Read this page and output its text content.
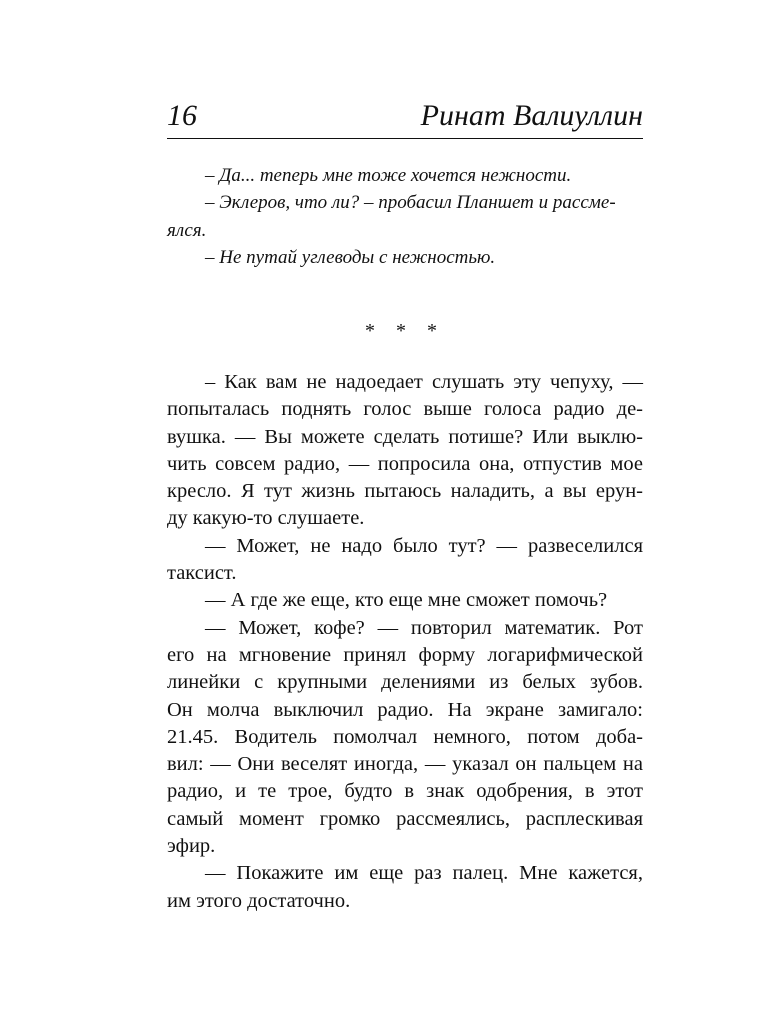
16	Ринат Валиуллин

– Да... теперь мне тоже хочется нежности.

– Эклеров, что ли? – пробасил Планшет и рассме-

ялся.

– Не путай углеводы с нежностью.

* * *
– Как вам не надоедает слушать эту чепуху, —
попыталась поднять голос выше голоса радио де-
вушка. — Вы можете сделать потише? Или выклю-
чить совсем радио, — попросила она, отпустив мое
кресло. Я тут жизнь пытаюсь наладить, а вы ерун-
ду какую-то слушаете.
— Может, не надо было тут? — развеселился
таксист.
— А где же еще, кто еще мне сможет помочь?
— Может, кофе? — повторил математик. Рот
его на мгновение принял форму логарифмической
линейки с крупными делениями из белых зубов.
Он молча выключил радио. На экране замигало:
21.45. Водитель помолчал немного, потом доба-
вил: — Они веселят иногда, — указал он пальцем на
радио, и те трое, будто в знак одобрения, в этот
самый момент громко рассмеялись, расплескивая
эфир.
— Покажите им еще раз палец. Мне кажется,
им этого достаточно.
